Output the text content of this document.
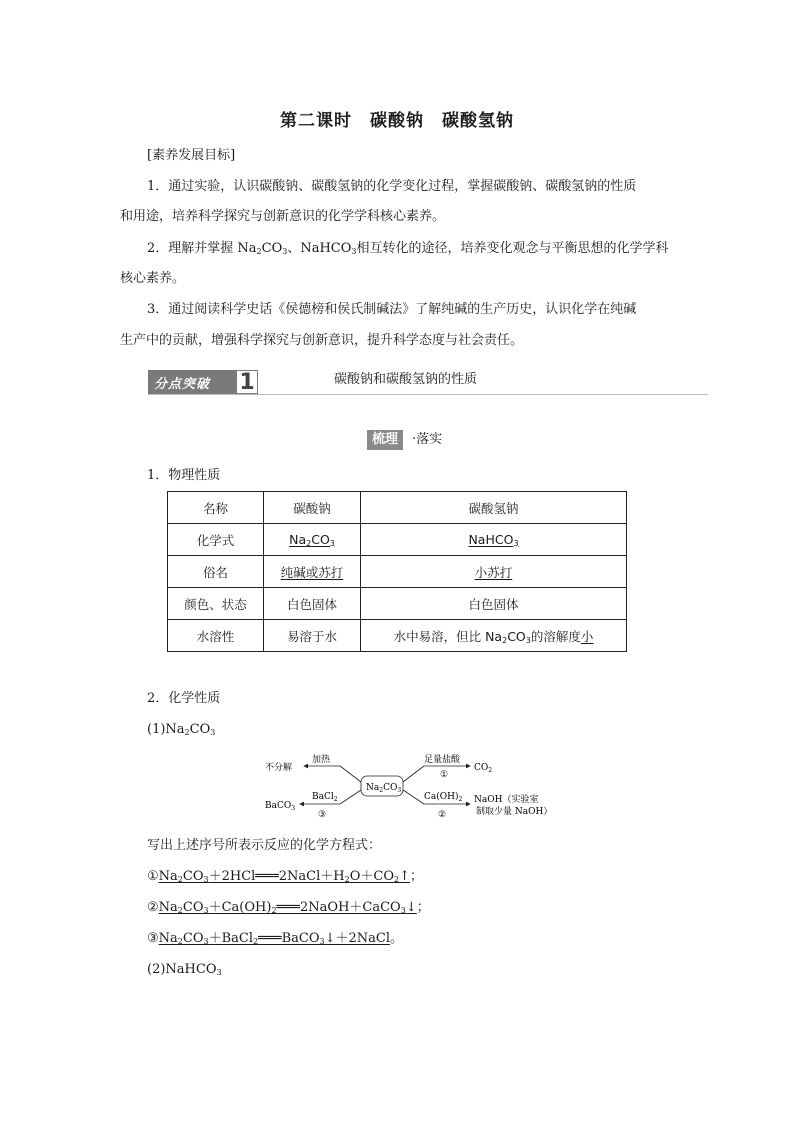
第二课时　碳酸钠　碳酸氢钠
[素养发展目标]
1．通过实验，认识碳酸钠、碳酸氢钠的化学变化过程，掌握碳酸钠、碳酸氢钠的性质
和用途，培养科学探究与创新意识的化学学科核心素养。
2．理解并掌握 $Na_2CO_3$、NaHCO$_3$相互转化的途径，培养变化观念与平衡思想的化学学科
核心素养。
3．通过阅读科学史话《侯德榜和侯氏制碱法》了解纯碱的生产历史，认识化学在纯碱
生产中的贡献，增强科学探究与创新意识，提升科学态度与社会责任。
分点突破 1	碳酸钠和碳酸氢钠的性质
梳理	·落实
1．物理性质
名称	碳酸钠	碳酸氢钠
化学式	$Na_2CO_3$	NaHCO$_3$
俗名	纯碱或苏打	小苏打
颜色、状态	白色固体	白色固体
水溶性	易溶于水	水中易溶，但比 $Na_2CO_3$的溶解度小
2．化学性质
$(1)Na_2CO_3$
$Na_2CO_3$
加热
不分解
BaCl$_2$
③
BaCO$_3$
足量盐酸
①
$CO_2$
$Ca(OH)_2$
②
NaOH（实验室
制取少量 NaOH）
写出上述序号所表示反应的化学方程式：
$①Na_2CO_3+2HCl═══2NaCl+H_2O+CO_2↑$；
$②Na_2CO_3+Ca(OH)_2═══2NaOH+CaCO_3↓$；
$③Na_2CO_3+BaCl_2═══BaCO_3↓+2NaCl$。
(2)NaHCO$_3$
